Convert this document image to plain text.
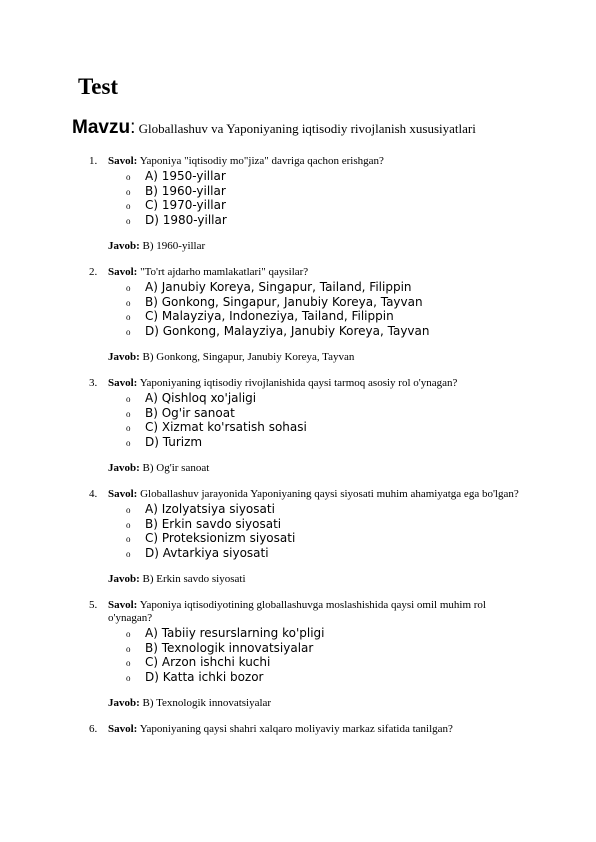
Test
Mavzu: Globallashuv va Yaponiyaning iqtisodiy rivojlanish xususiyatlari
1. Savol: Yaponiya "iqtisodiy mo"jiza" davriga qachon erishgan?
o A) 1950-yillar
o B) 1960-yillar
o C) 1970-yillar
o D) 1980-yillar
Javob: B) 1960-yillar
2. Savol: "To'rt ajdarho mamlakatlari" qaysilar?
o A) Janubiy Koreya, Singapur, Tailand, Filippin
o B) Gonkong, Singapur, Janubiy Koreya, Tayvan
o C) Malayziya, Indoneziya, Tailand, Filippin
o D) Gonkong, Malayziya, Janubiy Koreya, Tayvan
Javob: B) Gonkong, Singapur, Janubiy Koreya, Tayvan
3. Savol: Yaponiyaning iqtisodiy rivojlanishida qaysi tarmoq asosiy rol o'ynagan?
o A) Qishloq xo'jaligi
o B) Og'ir sanoat
o C) Xizmat ko'rsatish sohasi
o D) Turizm
Javob: B) Og'ir sanoat
4. Savol: Globallashuv jarayonida Yaponiyaning qaysi siyosati muhim ahamiyatga ega bo'lgan?
o A) Izolyatsiya siyosati
o B) Erkin savdo siyosati
o C) Proteksionizm siyosati
o D) Avtarkiya siyosati
Javob: B) Erkin savdo siyosati
5. Savol: Yaponiya iqtisodiyotining globallashuvga moslashishida qaysi omil muhim rol o'ynagan?
o A) Tabiiy resurslarning ko'pligi
o B) Texnologik innovatsiyalar
o C) Arzon ishchi kuchi
o D) Katta ichki bozor
Javob: B) Texnologik innovatsiyalar
6. Savol: Yaponiyaning qaysi shahri xalqaro moliyaviy markaz sifatida tanilgan?
